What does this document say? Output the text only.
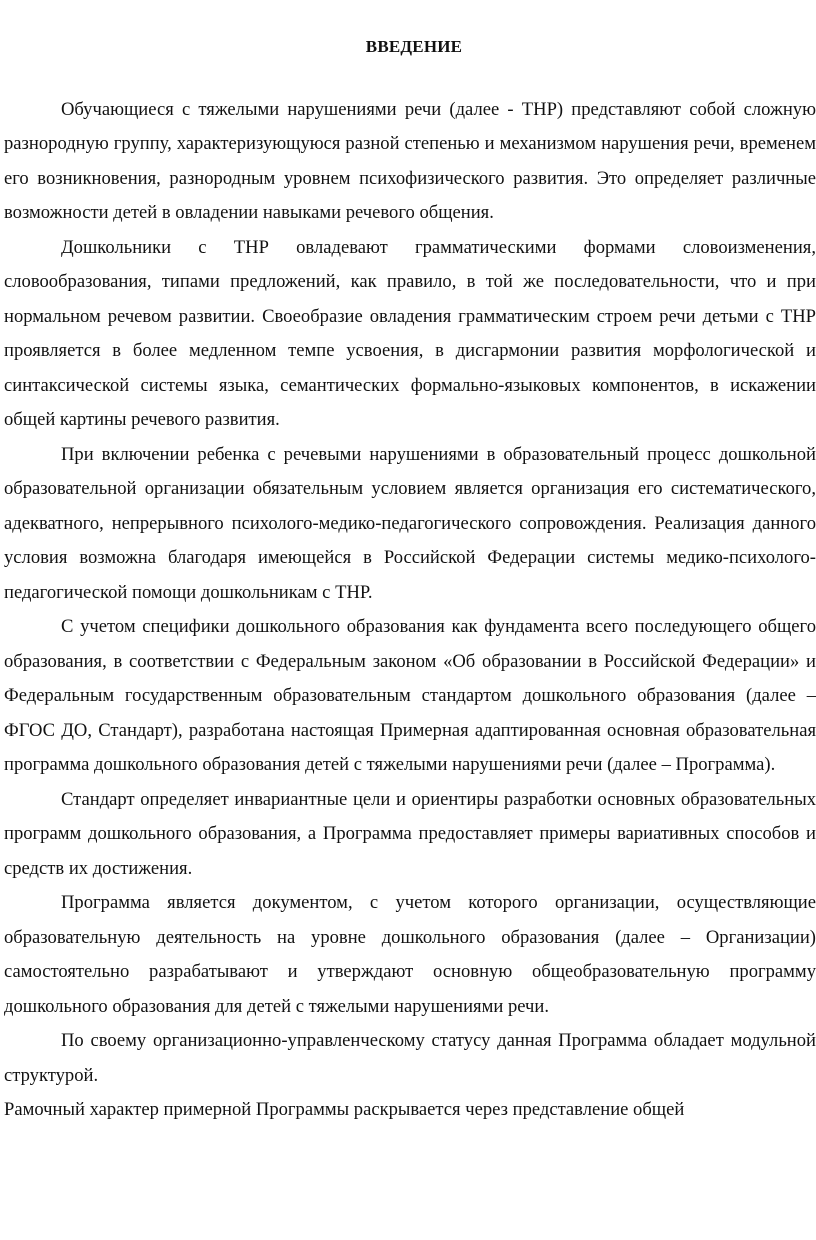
ВВЕДЕНИЕ

Обучающиеся с тяжелыми нарушениями речи (далее - ТНР) представляют собой сложную разнородную группу, характеризующуюся разной степенью и механизмом нарушения речи, временем его возникновения, разнородным уровнем психофизического развития. Это определяет различные возможности детей в овладении навыками речевого общения.

Дошкольники с ТНР овладевают грамматическими формами словоизменения, словообразования, типами предложений, как правило, в той же последовательности, что и при нормальном речевом развитии. Своеобразие овладения грамматическим строем речи детьми с ТНР проявляется в более медленном темпе усвоения, в дисгармонии развития морфологической и синтаксической системы языка, семантических формально-языковых компонентов, в искажении общей картины речевого развития.

При включении ребенка с речевыми нарушениями в образовательный процесс дошкольной образовательной организации обязательным условием является организация его систематического, адекватного, непрерывного психолого-медико-педагогического сопровождения. Реализация данного условия возможна благодаря имеющейся в Российской Федерации системы медико-психолого-педагогической помощи дошкольникам с ТНР.

С учетом специфики дошкольного образования как фундамента всего последующего общего образования, в соответствии с Федеральным законом «Об образовании в Российской Федерации» и Федеральным государственным образовательным стандартом дошкольного образования (далее – ФГОС ДО, Стандарт), разработана настоящая Примерная адаптированная основная образовательная программа дошкольного образования детей с тяжелыми нарушениями речи (далее – Программа).

Стандарт определяет инвариантные цели и ориентиры разработки основных образовательных программ дошкольного образования, а Программа предоставляет примеры вариативных способов и средств их достижения.

Программа является документом, с учетом которого организации, осуществляющие образовательную деятельность на уровне дошкольного образования (далее – Организации) самостоятельно разрабатывают и утверждают основную общеобразовательную программу дошкольного образования для детей с тяжелыми нарушениями речи.

По своему организационно-управленческому статусу данная Программа обладает модульной структурой.

Рамочный характер примерной Программы раскрывается через представление общей
